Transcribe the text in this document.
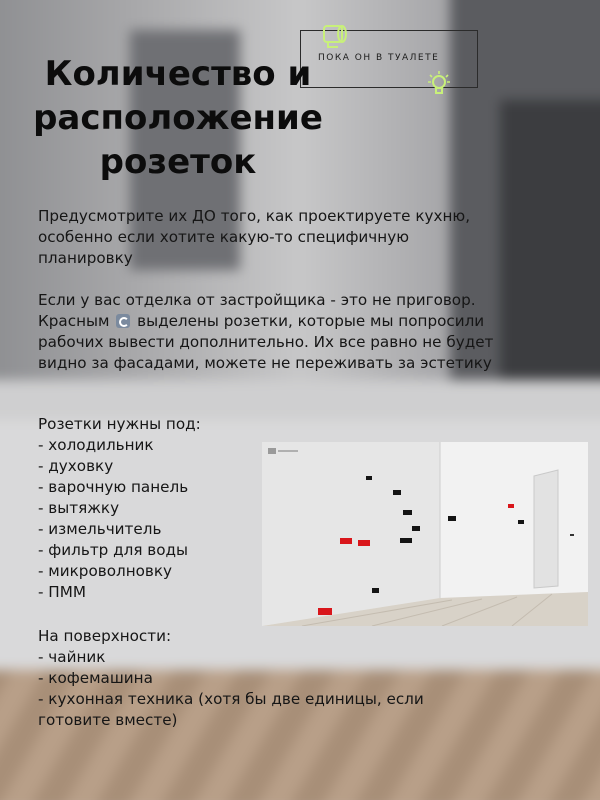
ПОКА ОН В ТУАЛЕТЕ
Количество и
расположение
розеток

Предусмотрите их ДО того, как проектируете кухню, особенно если хотите какую-то специфичную планировку

Если у вас отделка от застройщика - это не приговор. Красным выделены розетки, которые мы попросили рабочих вывести дополнительно. Их все равно не будет видно за фасадами, можете не переживать за эстетику

Розетки нужны под:
- холодильник
- духовку
- варочную панель
- вытяжку
- измельчитель
- фильтр для воды
- микроволновку
- ПММ
На поверхности:
- чайник
- кофемашина
- кухонная техника (хотя бы две единицы, если готовите вместе)
